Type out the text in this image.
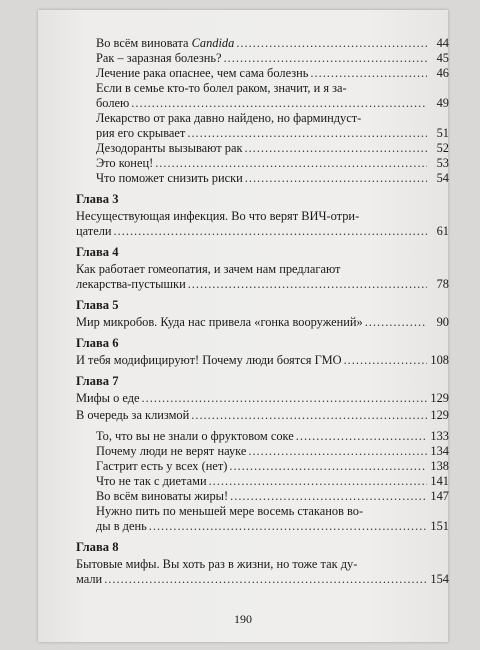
Во всём виновата Candida .....	44
Рак – заразная болезнь? .....	45
Лечение рака опаснее, чем сама болезнь .....	46
Если в семье кто-то болел раком, значит, и я за-
болею .....	49
Лекарство от рака давно найдено, но фарминдуст-
рия его скрывает .....	51
Дезодоранты вызывают рак .....	52
Это конец! .....	53
Что поможет снизить риски .....	54
Глава 3
Несуществующая инфекция. Во что верят ВИЧ-отри-
цатели .....	61
Глава 4
Как работает гомеопатия, и зачем нам предлагают
лекарства-пустышки .....	78
Глава 5
Мир микробов. Куда нас привела «гонка вооружений» .....	90
Глава 6
И тебя модифицируют! Почему люди боятся ГМО .....	108
Глава 7
Мифы о еде .....	129
В очередь за клизмой .....	129
То, что вы не знали о фруктовом соке .....	133
Почему люди не верят науке .....	134
Гастрит есть у всех (нет) .....	138
Что не так с диетами .....	141
Во всём виноваты жиры! .....	147
Нужно пить по меньшей мере восемь стаканов во-
ды в день .....	151
Глава 8
Бытовые мифы. Вы хоть раз в жизни, но тоже так ду-
мали .....	154
190
